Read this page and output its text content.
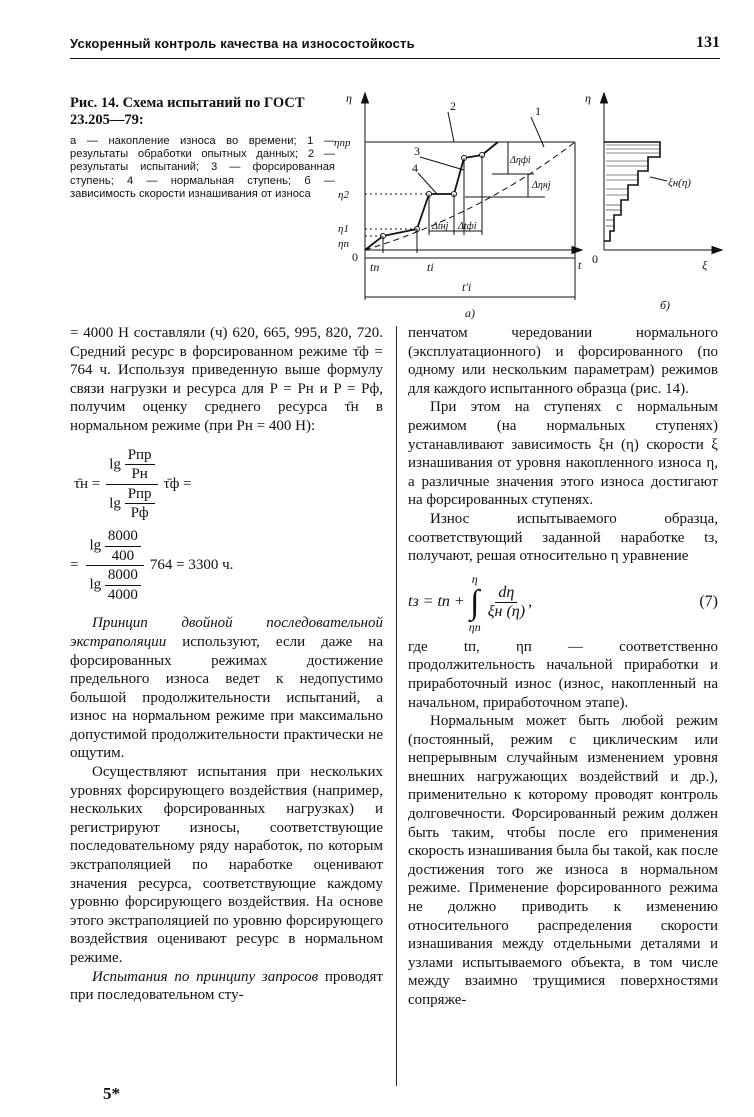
Ускоренный контроль качества на износостойкость	131
Рис. 14. Схема испытаний по ГОСТ 23.205—79:
а — накопление износа во времени; 1 — результаты обработки опытных данных; 2 — результаты испытаний; 3 — форсированная ступень; 4 — нормальная ступень; б — зависимость скорости изнашивания от износа
η
ηпр
η2
η1
ηп
0
t
tп	ti
t'i
1
2
3
4
Δηфi
Δηнj
Δtнj Δtфi
а)
η
0	ξ
ξн(η)
б)

= 4000 Н составляли (ч) 620, 665, 995, 820, 720. Средний ресурс в форсированном режиме τ̄ф = 764 ч. Используя приведенную выше формулу связи нагрузки и ресурса для P = Pн и P = Pф, получим оценку среднего ресурса τ̄н в нормальном режиме (при Pн = 400 Н):

τ̄н = $\frac{\lg \frac{\text{Pпр}}{Pн}}{\lg \frac{\text{Pпр}}{Pф}}$ τ̄ф =
= $\frac{\lg \frac{8000}{400}}{\lg \frac{8000}{4000}} 764 = 3300$ ч.

Принцип двойной последовательной экстраполяции используют, если даже на форсированных режимах достижение предельного износа ведет к недопустимо большой продолжительности испытаний, а износ на нормальном режиме при максимально допустимой продолжительности практически не ощутим.

Осуществляют испытания при нескольких уровнях форсирующего воздействия (например, нескольких форсированных нагрузках) и регистрируют износы, соответствующие последовательному ряду наработок, по которым экстраполяцией по наработке оценивают значения ресурса, соответствующие каждому уровню форсирующего воздействия. На основе этого экстраполяцией по уровню форсирующего воздействия оценивают ресурс в нормальном режиме.

Испытания по принципу запросов проводят при последовательном сту-

пенчатом чередовании нормального (эксплуатационного) и форсированного (по одному или нескольким параметрам) режимов для каждого испытанного образца (рис. 14).

При этом на ступенях с нормальным режимом (на нормальных ступенях) устанавливают зависимость ξн (η) скорости ξ изнашивания от уровня накопленного износа η, а различные значения этого износа достигают на форсированных ступенях.

Износ испытываемого образца, соответствующий заданной наработке tз, получают, решая относительно η уравнение

tз = tп +
η
∫
ηп
$\frac{d\eta}{\xi н (\eta)}$ ,	(7)

где tп, ηп — соответственно продолжительность начальной приработки и приработочный износ (износ, накопленный на начальном, приработочном этапе).

Нормальным может быть любой режим (постоянный, режим с циклическим или непрерывным случайным изменением уровня внешних нагружающих воздействий и др.), применительно к которому проводят контроль долговечности. Форсированный режим должен быть таким, чтобы после его применения скорость изнашивания была бы такой, как после достижения того же износа в нормальном режиме. Применение форсированного режима не должно приводить к изменению относительного распределения скорости изнашивания между отдельными деталями и узлами испытываемого объекта, в том числе между взаимно трущимися поверхностями сопряже-

5*
